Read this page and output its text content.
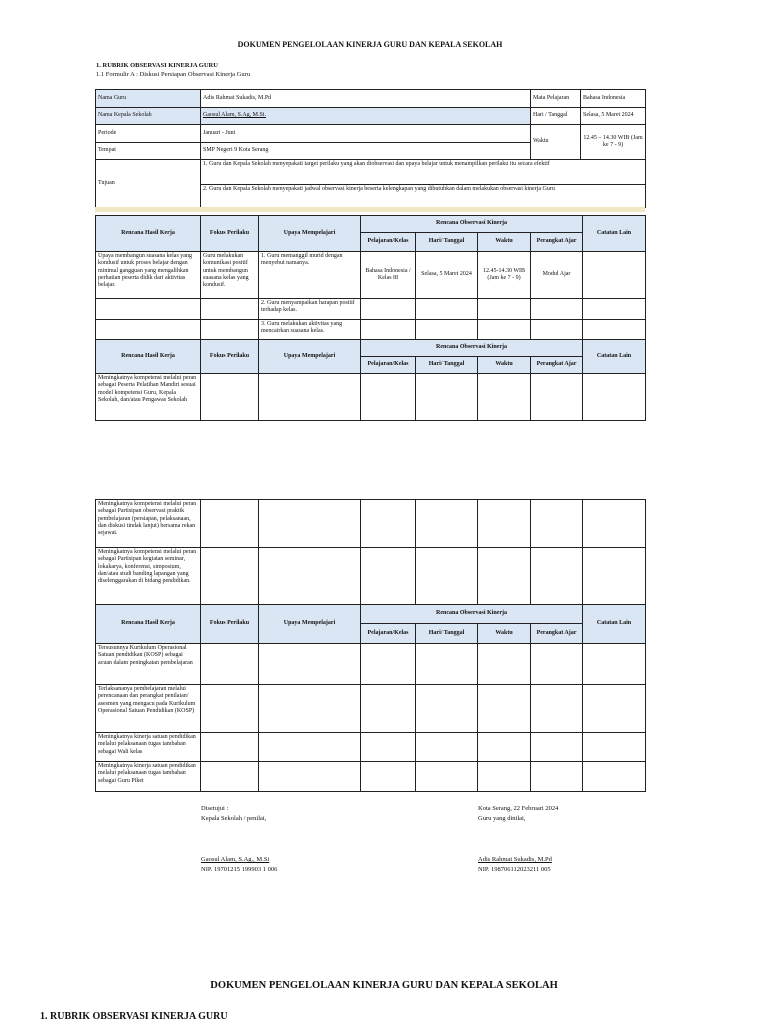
DOKUMEN PENGELOLAAN KINERJA GURU DAN KEPALA SEKOLAH
1. RUBRIK OBSERVASI KINERJA GURU
1.1 Formulir A : Diskusi Persiapan Observasi Kinerja Guru
Nama Guru	Adis Rahmat Sukadis, M.Pd	Mata Pelajaran	Bahasa Indonesia
Nama Kepala Sekolah	Gaosul Alam, S.Ag, M.Si.	Hari / Tanggal	Selasa, 5 Maret 2024
Periode	Januari - Juni	Waktu	12.45 – 14.30 WIB (Jam ke 7 - 9)
Tempat	SMP Negeri 9 Kota Serang		
Tujuan	1. Guru dan Kepala Sekolah menyepakati target perilaku yang akan diobservasi dan upaya belajar untuk menampilkan perilaku itu secara efektif		
	2. Guru dan Kepala Sekolah menyepakati jadwal observasi kinerja beserta kelengkapan yang dibutuhkan dalam melakukan observasi kinerja Guru		
Rencana Hasil Kerja	Fokus Perilaku	Upaya Mempelajari	Rencana Observasi Kinerja				Catatan Lain
			Pelajaran/Kelas	Hari/ Tanggal	Waktu	Perangkat Ajar	
Upaya membangun suasana kelas yang kondusif untuk proses belajar dengan minimal gangguan yang mengalihkan perhatian peserta didik dari aktivitas belajar.	Guru melakukan komunikasi positif untuk membangun suasana kelas yang kondusif.	1. Guru memanggil murid dengan menyebut namanya.	Bahasa Indonesia / Kelas 8I	Selasa, 5 Maret 2024	12.45-14.30 WIB (Jam ke 7 - 9)	Modul Ajar	
		2. Guru menyampaikan harapan positif terhadap kelas.					
		3. Guru melakukan aktivitas yang mencairkan suasana kelas.					
Rencana Hasil Kerja	Fokus Perilaku	Upaya Mempelajari	Rencana Observasi Kinerja				Catatan Lain
			Pelajaran/Kelas	Hari/ Tanggal	Waktu	Perangkat Ajar	
Meningkatnya kompetensi melalui peran sebagai Peserta Pelatihan Mandiri sesuai model kompetensi Guru, Kepala Sekolah, dan/atau Pengawas Sekolah							
Meningkatnya kompetensi melalui peran sebagai Partisipan observasi praktik pembelajaran (persiapan, pelaksanaan, dan diskusi tindak lanjut) bersama rekan sejawat.							
Meningkatnya kompetensi melalui peran sebagai Partisipan kegiatan seminar, lokakarya, konferensi, simposium, dan/atau studi banding lapangan yang diselenggarakan di bidang pendidikan.							
Rencana Hasil Kerja	Fokus Perilaku	Upaya Mempelajari	Rencana Observasi Kinerja				Catatan Lain
			Pelajaran/Kelas	Hari/ Tanggal	Waktu	Perangkat Ajar	
Tersusunnya Kurikulum Operasional Satuan pendidikan (KOSP) sebagai acuan dalam peningkatan pembelajaran							
Terlaksananya pembelajaran melalui perencanaan dan perangkat penilaian/ asesmen yang mengacu pada Kurikulum Operasional Satuan Pendidikan (KOSP)							
Meningkatnya kinerja satuan pendidikan melalui pelaksanaan tugas tambahan sebagai Wali kelas							
Meningkatnya kinerja satuan pendidikan melalui pelaksanaan tugas tambahan sebagai Guru Piket							
Disetujui :
Kepala Sekolah / penilai,
Kota Serang, 22 Februari 2024
Guru yang dinilai,
Gaosul Alam, S.Ag., M.Si
NIP. 19701215 199903 1 006
Adis Rahmat Sukadis, M.Pd
NIP. 198706112023211 005
DOKUMEN PENGELOLAAN KINERJA GURU DAN KEPALA SEKOLAH
1. RUBRIK OBSERVASI KINERJA GURU
